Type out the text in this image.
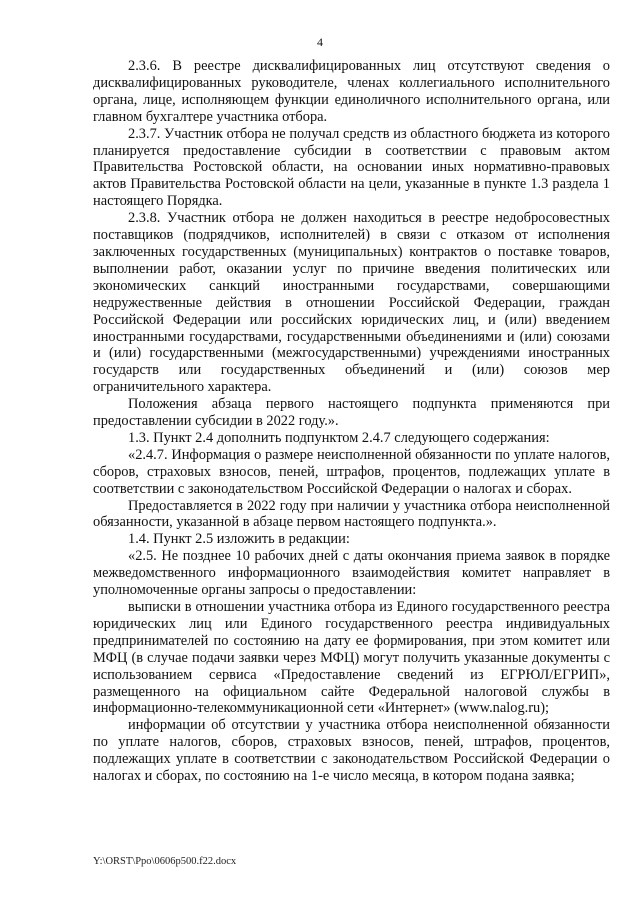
4

2.3.6. В реестре дисквалифицированных лиц отсутствуют сведения о дисквалифицированных руководителе, членах коллегиального исполнительного органа, лице, исполняющем функции единоличного исполнительного органа, или главном бухгалтере участника отбора.

2.3.7. Участник отбора не получал средств из областного бюджета из которого планируется предоставление субсидии в соответствии с правовым актом Правительства Ростовской области, на основании иных нормативно-правовых актов Правительства Ростовской области на цели, указанные в пункте 1.3 раздела 1 настоящего Порядка.

2.3.8. Участник отбора не должен находиться в реестре недобросовестных поставщиков (подрядчиков, исполнителей) в связи с отказом от исполнения заключенных государственных (муниципальных) контрактов о поставке товаров, выполнении работ, оказании услуг по причине введения политических или экономических санкций иностранными государствами, совершающими недружественные действия в отношении Российской Федерации, граждан Российской Федерации или российских юридических лиц, и (или) введением иностранными государствами, государственными объединениями и (или) союзами и (или) государственными (межгосударственными) учреждениями иностранных государств или государственных объединений и (или) союзов мер ограничительного характера.

Положения абзаца первого настоящего подпункта применяются при предоставлении субсидии в 2022 году.».

1.3. Пункт 2.4 дополнить подпунктом 2.4.7 следующего содержания:

«2.4.7. Информация о размере неисполненной обязанности по уплате налогов, сборов, страховых взносов, пеней, штрафов, процентов, подлежащих уплате в соответствии с законодательством Российской Федерации о налогах и сборах.

Предоставляется в 2022 году при наличии у участника отбора неисполненной обязанности, указанной в абзаце первом настоящего подпункта.».

1.4. Пункт 2.5 изложить в редакции:

«2.5. Не позднее 10 рабочих дней с даты окончания приема заявок в порядке межведомственного информационного взаимодействия комитет направляет в уполномоченные органы запросы о предоставлении:

выписки в отношении участника отбора из Единого государственного реестра юридических лиц или Единого государственного реестра индивидуальных предпринимателей по состоянию на дату ее формирования, при этом комитет или МФЦ (в случае подачи заявки через МФЦ) могут получить указанные документы с использованием сервиса «Предоставление сведений из ЕГРЮЛ/ЕГРИП», размещенного на официальном сайте Федеральной налоговой службы в информационно-телекоммуникационной сети «Интернет» (www.nalog.ru);

информации об отсутствии у участника отбора неисполненной обязанности по уплате налогов, сборов, страховых взносов, пеней, штрафов, процентов, подлежащих уплате в соответствии с законодательством Российской Федерации о налогах и сборах, по состоянию на 1-е число месяца, в котором подана заявка;

Y:\ORST\Ppo\0606p500.f22.docx
